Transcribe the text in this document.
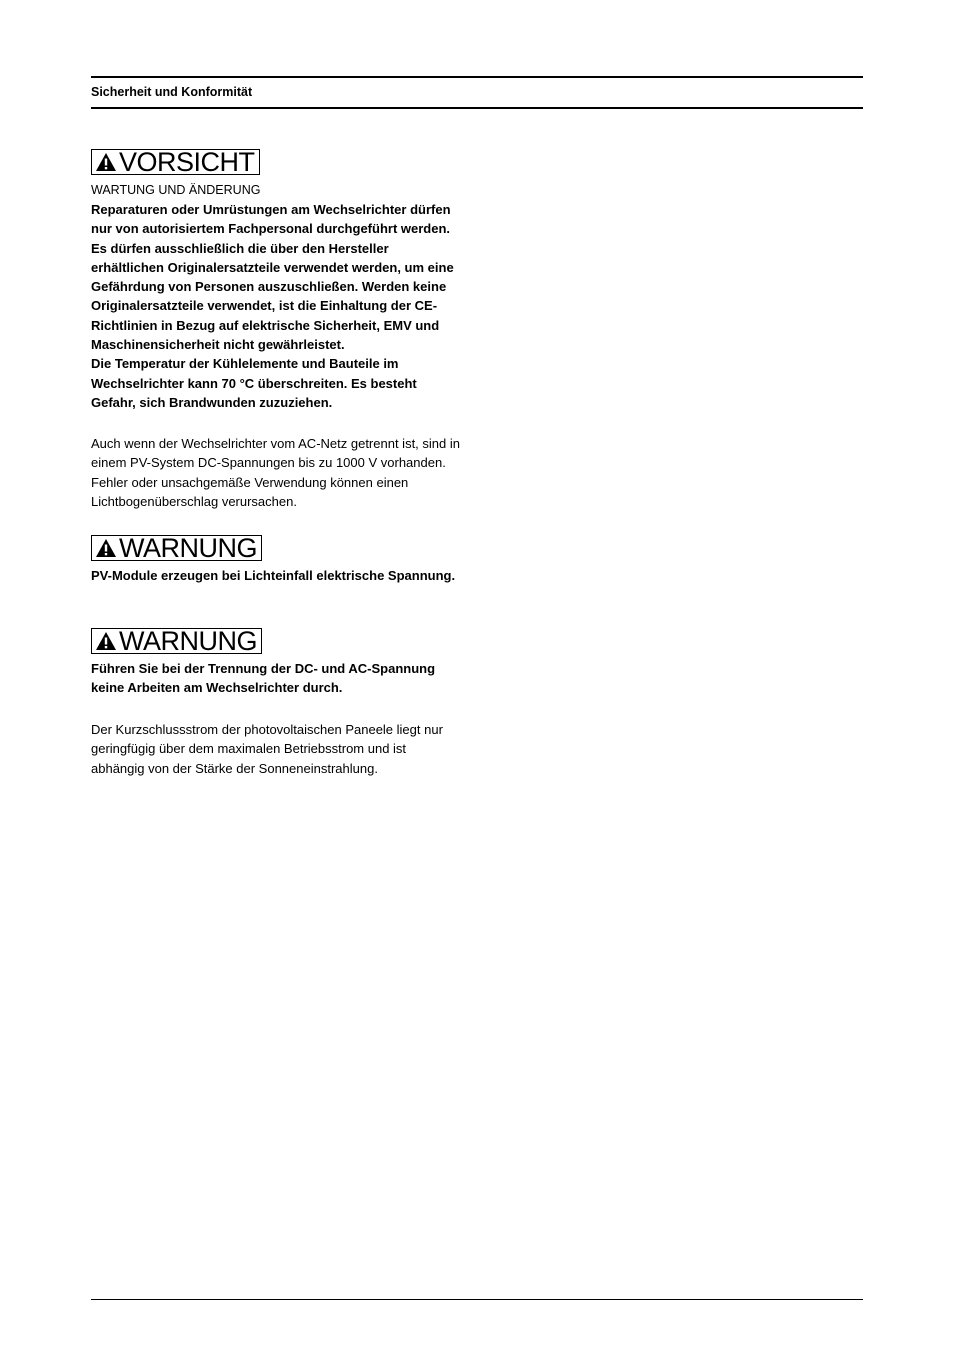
Sicherheit und Konformität
VORSICHT

WARTUNG UND ÄNDERUNG

Reparaturen oder Umrüstungen am Wechselrichter dürfen nur von autorisiertem Fachpersonal durchgeführt werden. Es dürfen ausschließlich die über den Hersteller erhältlichen Originalersatzteile verwendet werden, um eine Gefährdung von Personen auszuschließen. Werden keine Originalersatzteile verwendet, ist die Einhaltung der CE-Richtlinien in Bezug auf elektrische Sicherheit, EMV und Maschinensicherheit nicht gewährleistet.

Die Temperatur der Kühlelemente und Bauteile im Wechselrichter kann 70 °C überschreiten. Es besteht Gefahr, sich Brandwunden zuzuziehen.

Auch wenn der Wechselrichter vom AC-Netz getrennt ist, sind in einem PV-System DC-Spannungen bis zu 1000 V vorhanden. Fehler oder unsachgemäße Verwendung können einen Lichtbogenüberschlag verursachen.

WARNUNG

PV-Module erzeugen bei Lichteinfall elektrische Spannung.

WARNUNG

Führen Sie bei der Trennung der DC- und AC-Spannung keine Arbeiten am Wechselrichter durch.

Der Kurzschlussstrom der photovoltaischen Paneele liegt nur geringfügig über dem maximalen Betriebsstrom und ist abhängig von der Stärke der Sonneneinstrahlung.
